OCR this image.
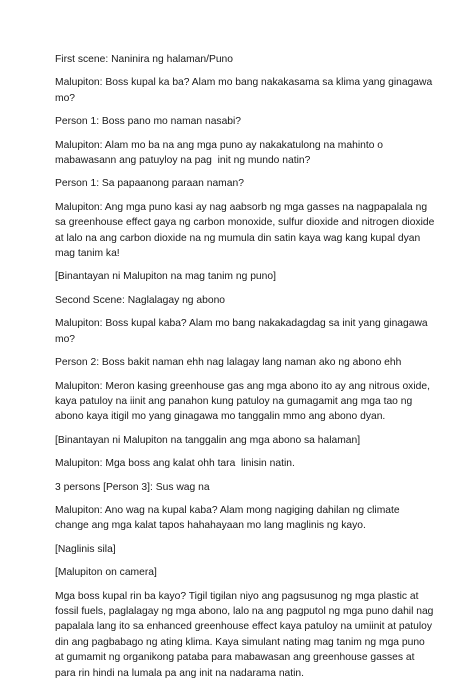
First scene: Naninira ng halaman/Puno

Malupiton: Boss kupal ka ba? Alam mo bang nakakasama sa klima yang ginagawa mo?

Person 1: Boss pano mo naman nasabi?

Malupiton: Alam mo ba na ang mga puno ay nakakatulong na mahinto o  mabawasann ang patuyloy na pag  init ng mundo natin?

Person 1: Sa papaanong paraan naman?

Malupiton: Ang mga puno kasi ay nag aabsorb ng mga gasses na nagpapalala ng sa greenhouse effect gaya ng carbon monoxide, sulfur dioxide and nitrogen dioxide at lalo na ang carbon dioxide na ng mumula din satin kaya wag kang kupal dyan mag tanim ka!

[Binantayan ni Malupiton na mag tanim ng puno]

Second Scene: Naglalagay ng abono

Malupiton: Boss kupal kaba? Alam mo bang nakakadagdag sa init yang ginagawa mo?

Person 2: Boss bakit naman ehh nag lalagay lang naman ako ng abono ehh

Malupiton: Meron kasing greenhouse gas ang mga abono ito ay ang nitrous oxide, kaya patuloy na iinit ang panahon kung patuloy na gumagamit ang mga tao ng abono kaya itigil mo yang ginagawa mo tanggalin mmo ang abono dyan.

[Binantayan ni Malupiton na tanggalin ang mga abono sa halaman]

Malupiton: Mga boss ang kalat ohh tara  linisin natin.

3 persons [Person 3]: Sus wag na

Malupiton: Ano wag na kupal kaba? Alam mong nagiging dahilan ng climate change ang mga kalat tapos hahahayaan mo lang maglinis ng kayo.

[Naglinis sila]

[Malupiton on camera]

Mga boss kupal rin ba kayo? Tigil tigilan niyo ang pagsusunog ng mga plastic at fossil fuels, paglalagay ng mga abono, lalo na ang pagputol ng mga puno dahil nag papalala lang ito sa enhanced greenhouse effect kaya patuloy na umiinit at patuloy din ang pagbabago ng ating klima. Kaya simulant nating mag tanim ng mga puno at gumamit ng organikong pataba para mabawasan ang greenhouse gasses at para rin hindi na lumala pa ang init na nadarama natin.
